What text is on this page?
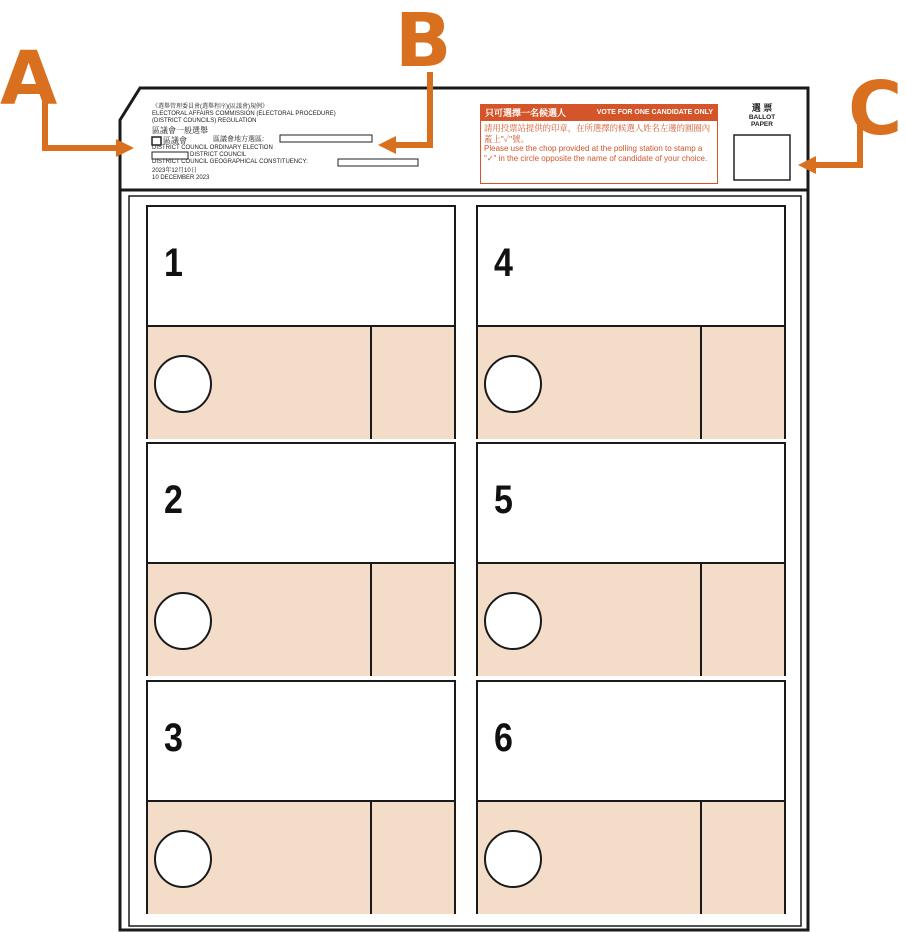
A	B
C
《選舉管理委員會(選舉程序)(區議會)規例》
ELECTORAL AFFAIRS COMMISSION (ELECTORAL PROCEDURE)
(DISTRICT COUNCILS) REGULATION
區議會一般選舉
區議會	區議會地方選區:
DISTRICT COUNCIL ORDINARY ELECTION
DISTRICT COUNCIL
DISTRICT COUNCIL GEOGRAPHICAL CONSTITUENCY:
2023年12月10日
10 DECEMBER 2023
只可選擇一名候選人	VOTE FOR ONE CANDIDATE ONLY
請用投票站提供的印章，在所選擇的候選人姓名左邊的圓圈內蓋上"✓"號。
Please use the chop provided at the polling station to stamp a "✓" in the circle opposite the name of candidate of your choice.
選 票
BALLOT
PAPER
1
2
3
4
5
6
